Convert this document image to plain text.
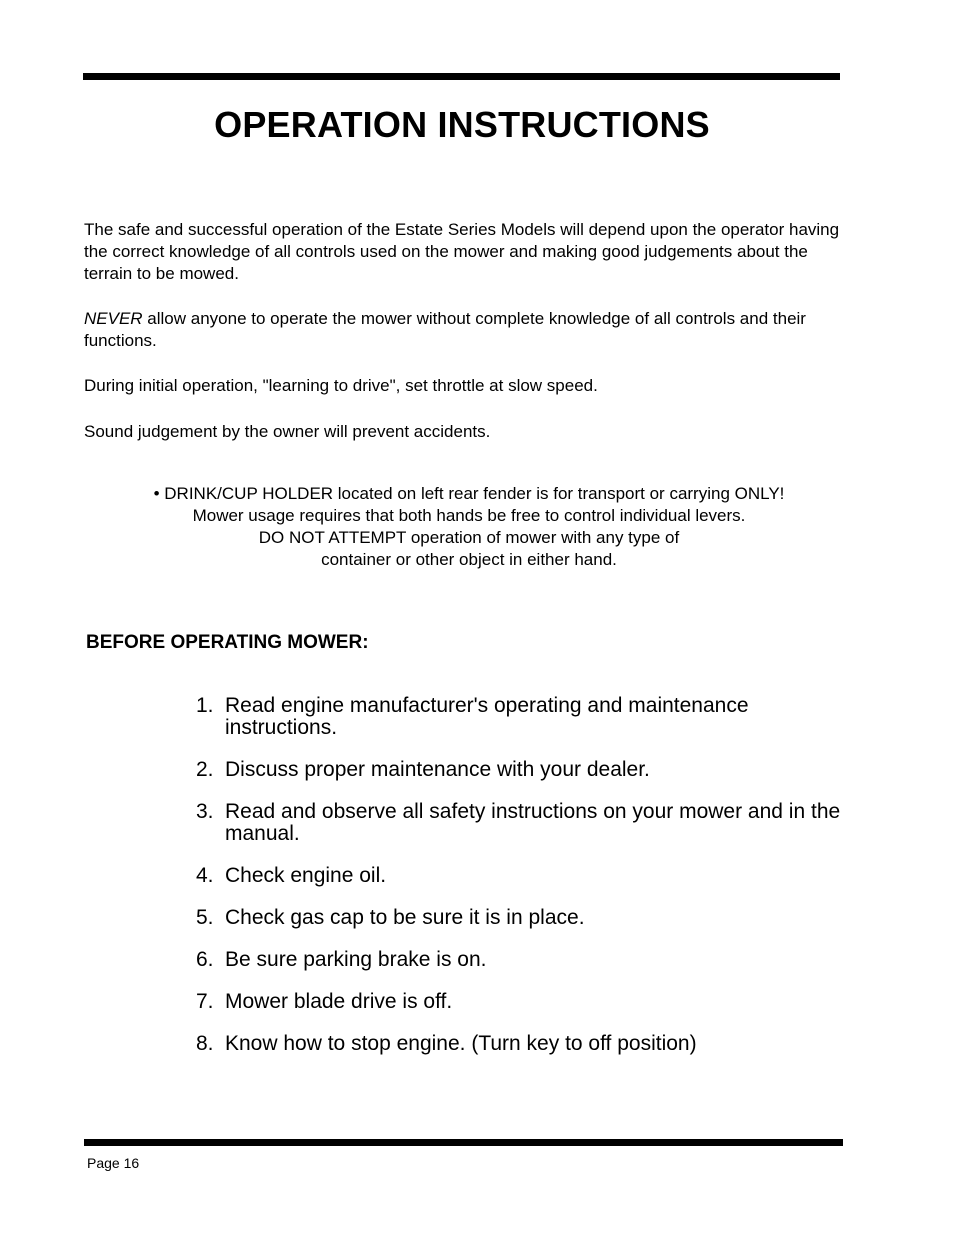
OPERATION INSTRUCTIONS

The safe and successful operation of the Estate Series Models will depend upon the operator having the correct knowledge of all controls used on the mower and making good judgements about the terrain to be mowed.

NEVER allow anyone to operate the mower without complete knowledge of all controls and their functions.

During initial operation, "learning to drive", set throttle at slow speed.

Sound judgement by the owner will prevent accidents.

• DRINK/CUP HOLDER located on left rear fender is for transport or carrying ONLY!
Mower usage requires that both hands be free to control individual levers.
DO NOT ATTEMPT operation of mower with any type of
container or other object in either hand.
BEFORE OPERATING MOWER:
1. Read engine manufacturer's operating and maintenance instructions.
2. Discuss proper maintenance with your dealer.
3. Read and observe all safety instructions on your mower and in the manual.
4. Check engine oil.
5. Check gas cap to be sure it is in place.
6. Be sure parking brake is on.
7. Mower blade drive is off.
8. Know how to stop engine. (Turn key to off position)
Page 16
